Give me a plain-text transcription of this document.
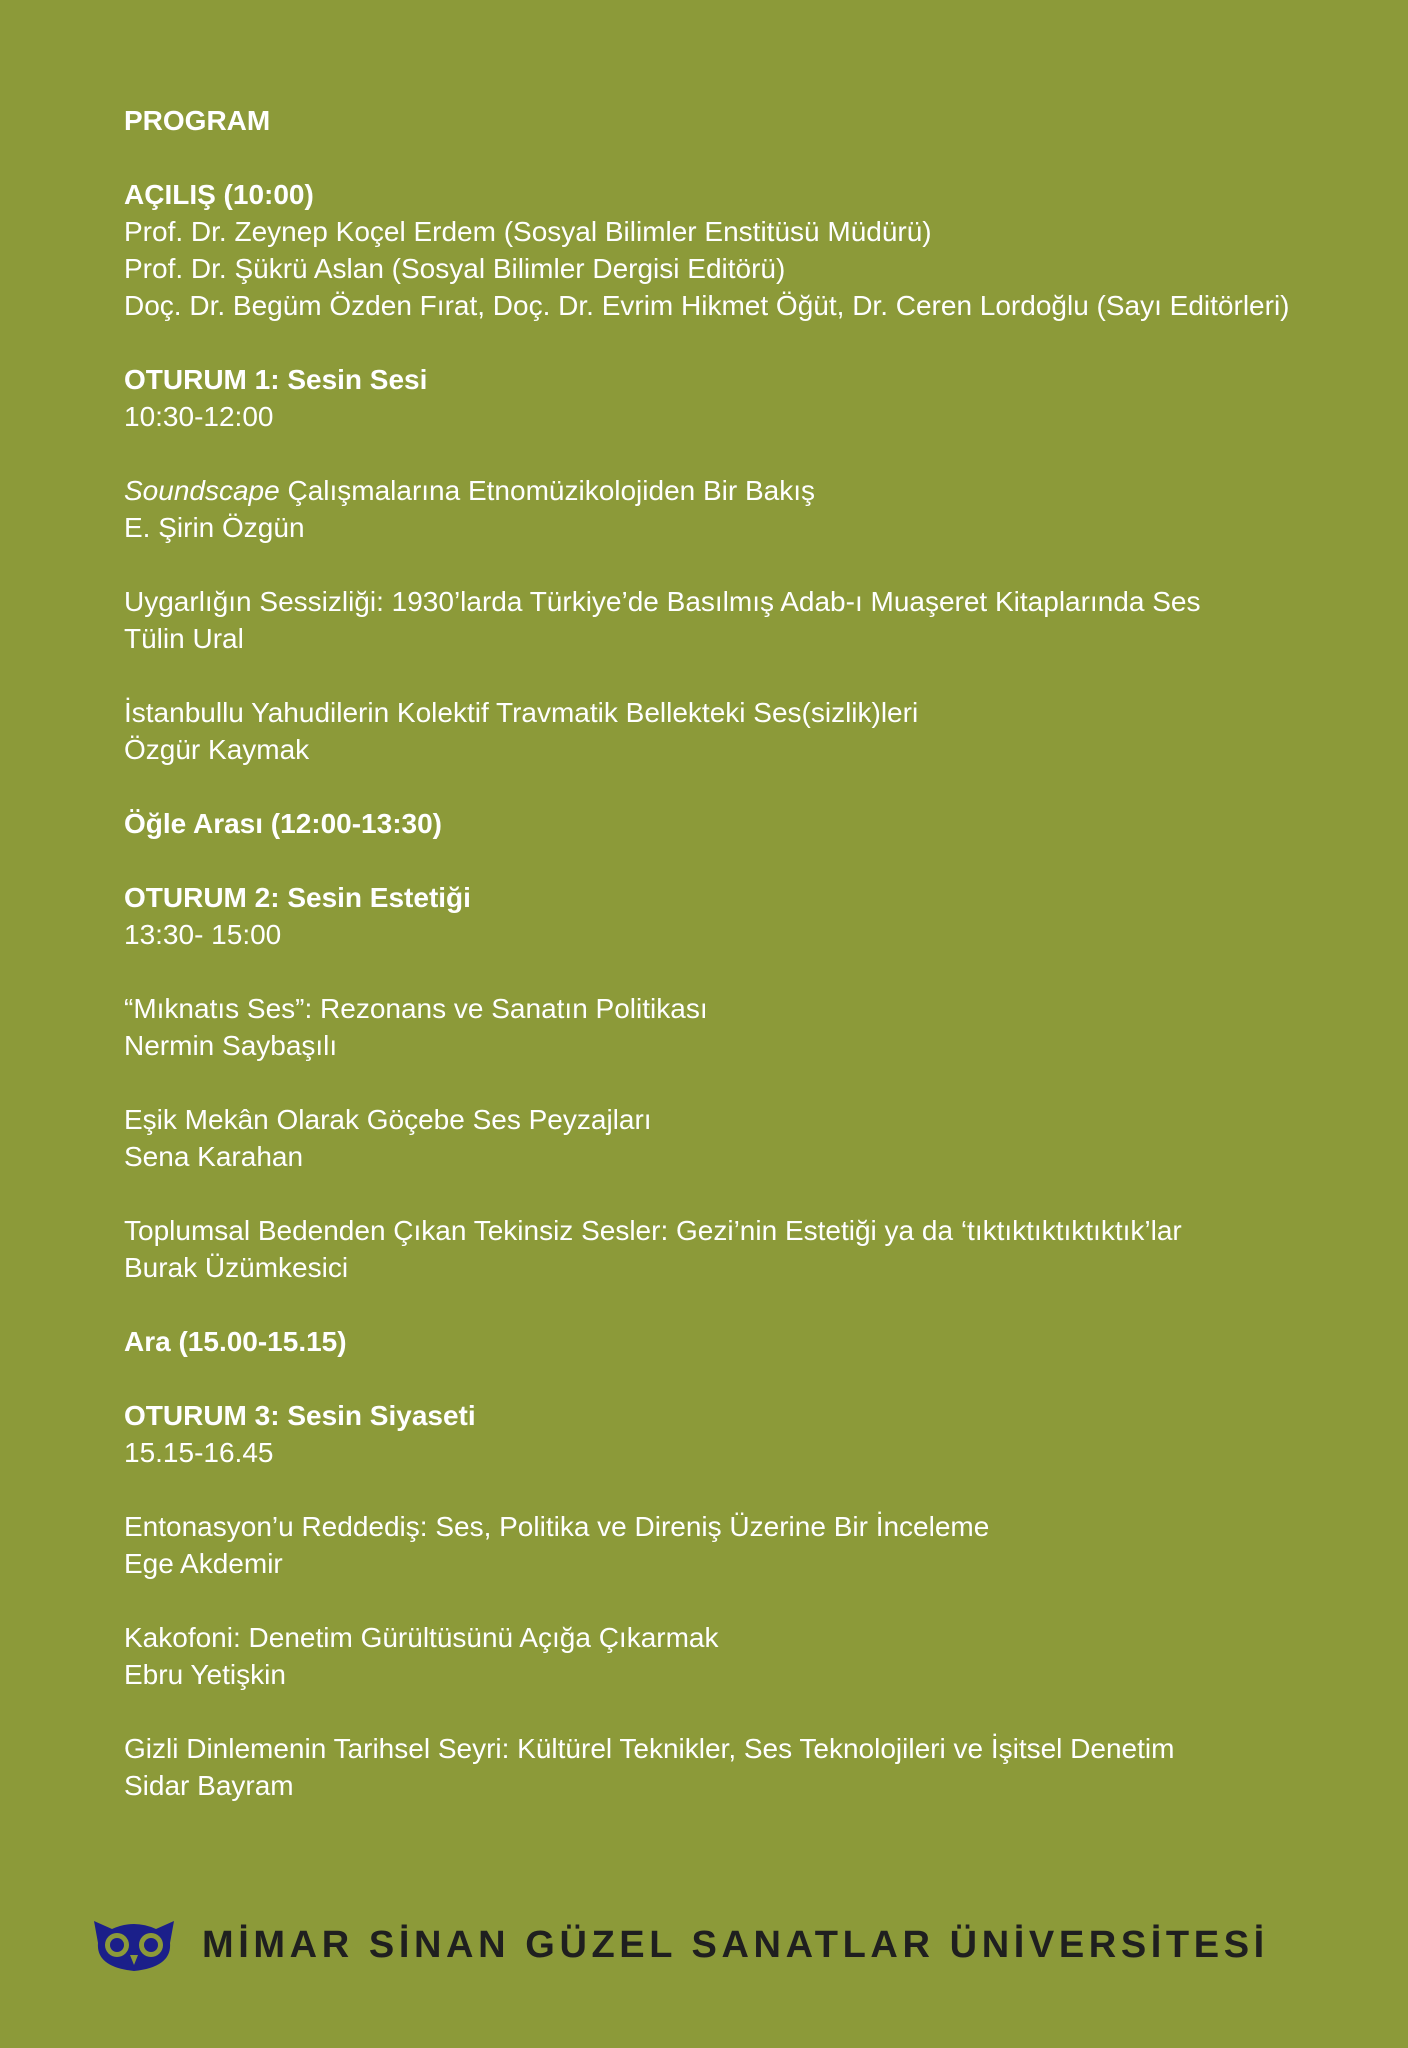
PROGRAM
AÇILIŞ (10:00)
Prof. Dr. Zeynep Koçel Erdem (Sosyal Bilimler Enstitüsü Müdürü)
Prof. Dr. Şükrü Aslan (Sosyal Bilimler Dergisi Editörü)
Doç. Dr. Begüm Özden Fırat, Doç. Dr. Evrim Hikmet Öğüt, Dr. Ceren Lordoğlu (Sayı Editörleri)
OTURUM 1: Sesin Sesi
10:30-12:00
Soundscape Çalışmalarına Etnomüzikolojiden Bir Bakış
E. Şirin Özgün
Uygarlığın Sessizliği: 1930’larda Türkiye’de Basılmış Adab-ı Muaşeret Kitaplarında Ses
Tülin Ural
İstanbullu Yahudilerin Kolektif Travmatik Bellekteki Ses(sizlik)leri
Özgür Kaymak
Öğle Arası (12:00-13:30)
OTURUM 2: Sesin Estetiği
13:30- 15:00
“Mıknatıs Ses”: Rezonans ve Sanatın Politikası
Nermin Saybaşılı
Eşik Mekân Olarak Göçebe Ses Peyzajları
Sena Karahan
Toplumsal Bedenden Çıkan Tekinsiz Sesler: Gezi’nin Estetiği ya da ‘tıktıktıktıktıktık’lar
Burak Üzümkesici
Ara (15.00-15.15)
OTURUM 3: Sesin Siyaseti
15.15-16.45
Entonasyon’u Reddediş: Ses, Politika ve Direniş Üzerine Bir İnceleme
Ege Akdemir
Kakofoni: Denetim Gürültüsünü Açığa Çıkarmak
Ebru Yetişkin
Gizli Dinlemenin Tarihsel Seyri: Kültürel Teknikler, Ses Teknolojileri ve İşitsel Denetim
Sidar Bayram
MİMAR SİNAN GÜZEL SANATLAR ÜNİVERSİTESİ
